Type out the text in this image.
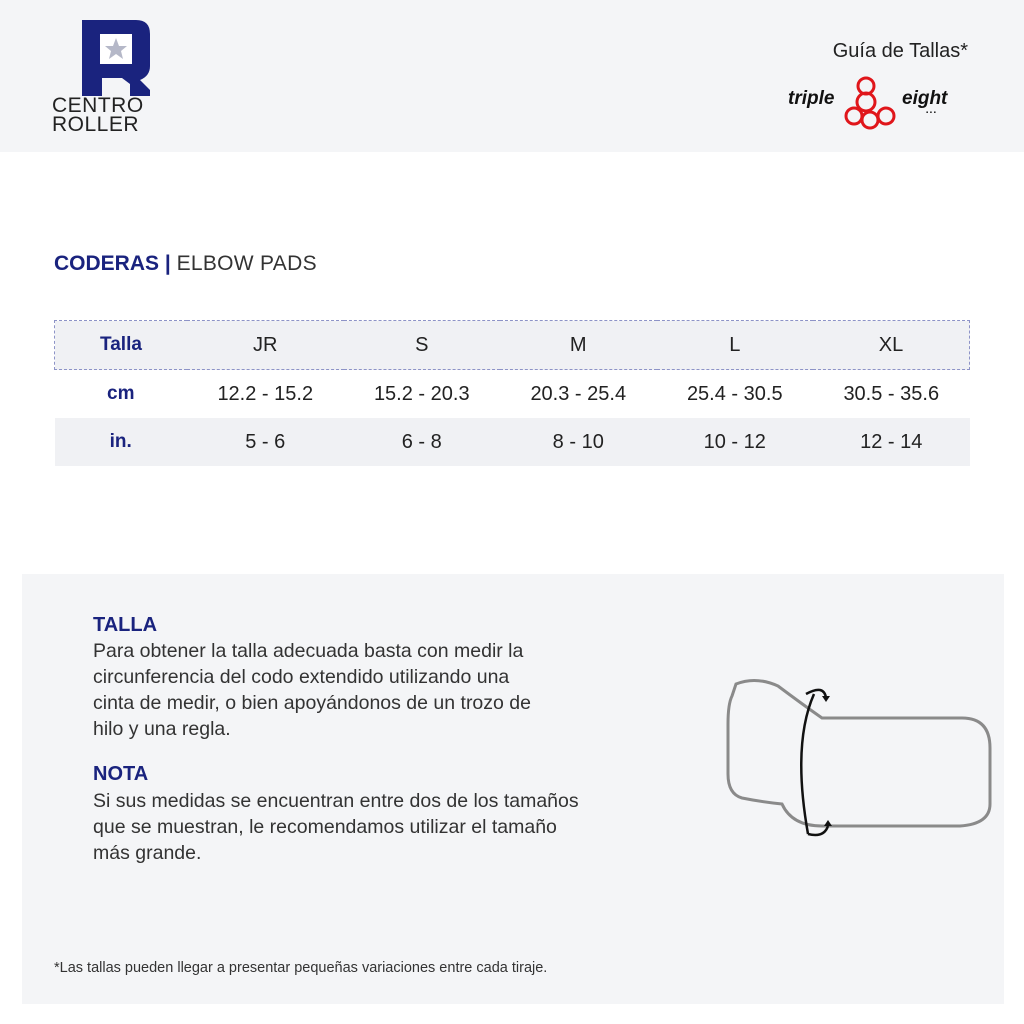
CENTRO
ROLLER
Guía de Tallas*
triple	eight
▪ ▪ ▪
CODERAS | ELBOW PADS
Talla	JR	S	M	L	XL
cm	12.2 - 15.2	15.2 - 20.3	20.3 - 25.4	25.4 - 30.5	30.5 - 35.6
in.	5 - 6	6 - 8	8 - 10	10 - 12	12 - 14
TALLA
Para obtener la talla adecuada basta con medir la
circunferencia del codo extendido utilizando una
cinta de medir, o bien apoyándonos de un trozo de
hilo y una regla.
NOTA
Si sus medidas se encuentran entre dos de los tamaños
que se muestran, le recomendamos utilizar el tamaño
más grande.
*Las tallas pueden llegar a presentar pequeñas variaciones entre cada tiraje.
